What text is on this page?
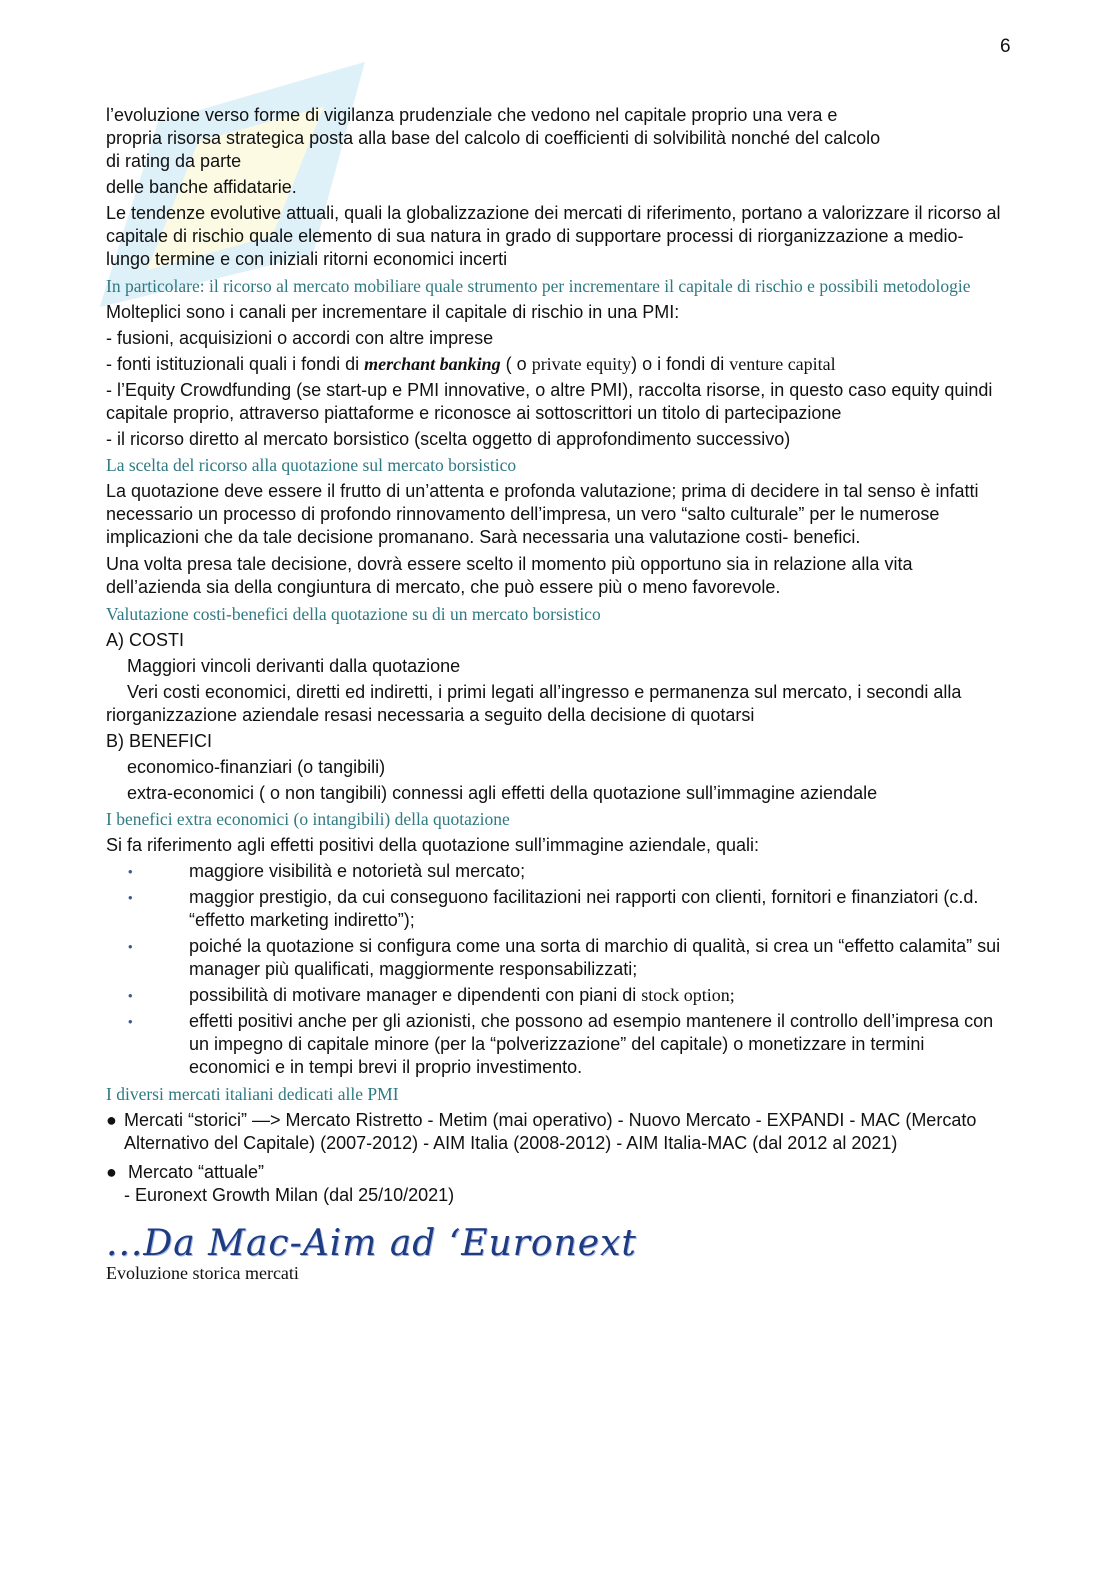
6
l’evoluzione verso forme di vigilanza prudenziale che vedono nel capitale proprio una vera e
propria risorsa strategica posta alla base del calcolo di coefficienti di solvibilità nonché del calcolo
di rating da parte
delle banche affidatarie.

Le tendenze evolutive attuali, quali la globalizzazione dei mercati di riferimento, portano a valorizzare il ricorso al capitale di rischio quale elemento di sua natura in grado di supportare processi di riorganizzazione a medio-lungo termine e con iniziali ritorni economici incerti

In particolare: il ricorso al mercato mobiliare quale strumento per incrementare il capitale di rischio e possibili metodologie
Molteplici sono i canali per incrementare il capitale di rischio in una PMI:
- fusioni, acquisizioni o accordi con altre imprese
- fonti istituzionali quali i fondi di merchant banking ( o private equity) o i fondi di venture capital
- l’Equity Crowdfunding (se start-up e PMI innovative, o altre PMI), raccolta risorse, in questo caso equity quindi capitale proprio, attraverso piattaforme e riconosce ai sottoscrittori un titolo di partecipazione
- il ricorso diretto al mercato borsistico (scelta oggetto di approfondimento successivo)
La scelta del ricorso alla quotazione sul mercato borsistico

La quotazione deve essere il frutto di un’attenta e profonda valutazione; prima di decidere in tal senso è infatti necessario un processo di profondo rinnovamento dell’impresa, un vero “salto culturale” per le numerose implicazioni che da tale decisione promanano. Sarà necessaria una valutazione costi- benefici.

Una volta presa tale decisione, dovrà essere scelto il momento più opportuno sia in relazione alla vita dell’azienda sia della congiuntura di mercato, che può essere più o meno favorevole.

Valutazione costi-benefici della quotazione su di un mercato borsistico
A) COSTI
Maggiori vincoli derivanti dalla quotazione
Veri costi economici, diretti ed indiretti, i primi legati all’ingresso e permanenza sul mercato, i secondi alla riorganizzazione aziendale resasi necessaria a seguito della decisione di quotarsi
B) BENEFICI
economico-finanziari (o tangibili)
extra-economici ( o non tangibili) connessi agli effetti della quotazione sull’immagine aziendale
I benefici extra economici (o intangibili) della quotazione
Si fa riferimento agli effetti positivi della quotazione sull’immagine aziendale, quali:
•	maggiore visibilità e notorietà sul mercato;
•	maggior prestigio, da cui conseguono facilitazioni nei rapporti con clienti, fornitori e finanziatori (c.d. “effetto marketing indiretto”);
•	poiché la quotazione si configura come una sorta di marchio di qualità, si crea un “effetto calamita” sui manager più qualificati, maggiormente responsabilizzati;
•	possibilità di motivare manager e dipendenti con piani di stock option;
•	effetti positivi anche per gli azionisti, che possono ad esempio mantenere il controllo dell’impresa con un impegno di capitale minore (per la “polverizzazione” del capitale) o monetizzare in termini economici e in tempi brevi il proprio investimento.
I diversi mercati italiani dedicati alle PMI
● Mercati “storici” —> Mercato Ristretto - Metim (mai operativo) - Nuovo Mercato - EXPANDI - MAC (Mercato Alternativo del Capitale) (2007-2012) - AIM Italia (2008-2012) - AIM Italia-MAC (dal 2012 al 2021)
● Mercato “attuale”
- Euronext Growth Milan (dal 25/10/2021)
...Da Mac-Aim ad ‘Euronext
Evoluzione storica mercati
